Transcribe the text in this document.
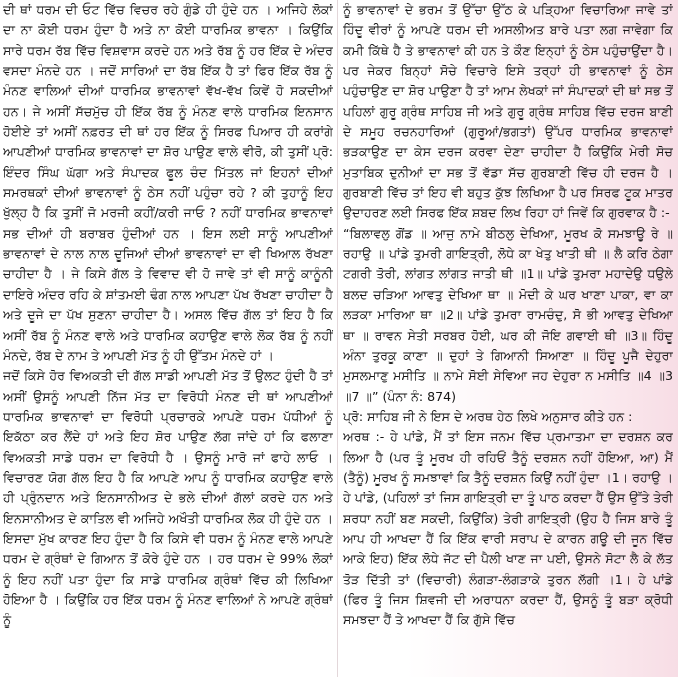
ਦੀ ਥਾਂ ਧਰਮ ਦੀ ਓਟ ਵਿੱਚ ਵਿਚਰ ਰਹੇ ਗੁੰਡੇ ਹੀ ਹੁੰਦੇ ਹਨ । ਅਜਿਹੇ ਲੋਕਾਂ ਦਾ ਨਾ ਕੋਈ ਧਰਮ ਹੁੰਦਾ ਹੈ ਅਤੇ ਨਾ ਕੋਈ ਧਾਰਮਿਕ ਭਾਵਨਾ । ਕਿਉਂਕਿ ਸਾਰੇ ਧਰਮ ਰੱਬ ਵਿੱਚ ਵਿਸ਼ਵਾਸ ਕਰਦੇ ਹਨ ਅਤੇ ਰੱਬ ਨੂੰ ਹਰ ਇੱਕ ਦੇ ਅੰਦਰ ਵਸਦਾ ਮੰਨਦੇ ਹਨ । ਜਦੋਂ ਸਾਰਿਆਂ ਦਾ ਰੱਬ ਇੱਕ ਹੈ ਤਾਂ ਫਿਰ ਇੱਕ ਰੱਬ ਨੂੰ ਮੰਨਣ ਵਾਲਿਆਂ ਦੀਆਂ ਧਾਰਮਿਕ ਭਾਵਨਾਵਾਂ ਵੱਖ-ਵੱਖ ਕਿਵੇਂ ਹੋ ਸਕਦੀਆਂ ਹਨ। ਜੇ ਅਸੀਂ ਸੱਚਮੁੱਚ ਹੀ ਇੱਕ ਰੱਬ ਨੂੰ ਮੰਨਣ ਵਾਲੇ ਧਾਰਮਿਕ ਇਨਸਾਨ ਹੋਈਏ ਤਾਂ ਅਸੀਂ ਨਫ਼ਰਤ ਦੀ ਥਾਂ ਹਰ ਇੱਕ ਨੂੰ ਸਿਰਫ ਪਿਆਰ ਹੀ ਕਰਾਂਗੇ ਆਪਣੀਆਂ ਧਾਰਮਿਕ ਭਾਵਨਾਵਾਂ ਦਾ ਸ਼ੋਰ ਪਾਉਣ ਵਾਲੇ ਵੀਰੋ, ਕੀ ਤੁਸੀਂ ਪ੍ਰੋ: ਇੰਦਰ ਸਿੰਘ ਘੱਗਾ ਅਤੇ ਸੰਪਾਦਕ ਫੂਲ ਚੰਦ ਮਿੱਤਲ ਜਾਂ ਇਹਨਾਂ ਦੀਆਂ ਸਮਰਥਕਾਂ ਦੀਆਂ ਭਾਵਨਾਵਾਂ ਨੂੰ ਠੇਸ ਨਹੀਂ ਪਹੁੰਚਾ ਰਹੇ ? ਕੀ ਤੁਹਾਨੂੰ ਇਹ ਖੁੱਲ੍ਹ ਹੈ ਕਿ ਤੁਸੀਂ ਜੋ ਮਰਜੀ ਕਹੀਂ/ਕਰੀ ਜਾਓ ? ਨਹੀਂ ਧਾਰਮਿਕ ਭਾਵਨਾਵਾਂ ਸਭ ਦੀਆਂ ਹੀ ਬਰਾਬਰ ਹੁੰਦੀਆਂ ਹਨ । ਇਸ ਲਈ ਸਾਨੂੰ ਆਪਣੀਆਂ ਭਾਵਨਾਵਾਂ ਦੇ ਨਾਲ ਨਾਲ ਦੂਜਿਆਂ ਦੀਆਂ ਭਾਵਨਾਵਾਂ ਦਾ ਵੀ ਖਿਆਲ ਰੱਖਣਾ ਚਾਹੀਦਾ ਹੈ । ਜੇ ਕਿਸੇ ਗੱਲ ਤੇ ਵਿਵਾਦ ਵੀ ਹੋ ਜਾਵੇ ਤਾਂ ਵੀ ਸਾਨੂੰ ਕਾਨੂੰਨੀ ਦਾਇਰੇ ਅੰਦਰ ਰਹਿ ਕੇ ਸ਼ਾਂਤਮਈ ਢੰਗ ਨਾਲ ਆਪਣਾ ਪੱਖ ਰੱਖਣਾ ਚਾਹੀਦਾ ਹੈ ਅਤੇ ਦੂਜੇ ਦਾ ਪੱਖ ਸੁਣਨਾ ਚਾਹੀਦਾ ਹੈ। ਅਸਲ ਵਿੱਚ ਗੱਲ ਤਾਂ ਇਹ ਹੈ ਕਿ ਅਸੀਂ ਰੱਬ ਨੂੰ ਮੰਨਣ ਵਾਲੇ ਅਤੇ ਧਾਰਮਿਕ ਕਹਾਉਣ ਵਾਲੇ ਲੋਕ ਰੱਬ ਨੂੰ ਨਹੀਂ ਮੰਨਦੇ, ਰੱਬ ਦੇ ਨਾਮ ਤੇ ਆਪਣੀ ਮੱਤ ਨੂੰ ਹੀ ਉੱਤਮ ਮੰਨਦੇ ਹਾਂ ।

ਜਦੋਂ ਕਿਸੇ ਹੋਰ ਵਿਅਕਤੀ ਦੀ ਗੱਲ ਸਾਡੀ ਆਪਣੀ ਮੱਤ ਤੋਂ ਉਲਟ ਹੁੰਦੀ ਹੈ ਤਾਂ ਅਸੀਂ ਉਸਨੂੰ ਆਪਣੀ ਨਿੱਜ ਮੱਤ ਦਾ ਵਿਰੋਧੀ ਮੰਨਣ ਦੀ ਥਾਂ ਆਪਣੀਆਂ ਧਾਰਮਿਕ ਭਾਵਨਾਵਾਂ ਦਾ ਵਿਰੋਧੀ ਪ੍ਰਚਾਰਕੇ ਆਪਣੇ ਧਰਮ ਪੱਧੀਆਂ ਨੂੰ ਇਕੱਠਾ ਕਰ ਲੈਂਦੇ ਹਾਂ ਅਤੇ ਇਹ ਸ਼ੋਰ ਪਾਉਣ ਲੱਗ ਜਾਂਦੇ ਹਾਂ ਕਿ ਫਲਾਣਾ ਵਿਅਕਤੀ ਸਾਡੇ ਧਰਮ ਦਾ ਵਿਰੋਧੀ ਹੈ । ਉਸਨੂੰ ਮਾਰੋ ਜਾਂ ਫਾਹੇ ਲਾਓ । ਵਿਚਾਰਣ ਯੋਗ ਗੱਲ ਇਹ ਹੈ ਕਿ ਆਪਣੇ ਆਪ ਨੂੰ ਧਾਰਮਿਕ ਕਹਾਉਣ ਵਾਲੇ ਹੀ ਪ੍ਰੁੰਨਦਾਨ ਅਤੇ ਇਨਸਾਨੀਅਤ ਦੇ ਭਲੇ ਦੀਆਂ ਗੱਲਾਂ ਕਰਦੇ ਹਨ ਅਤੇ ਇਨਸਾਨੀਅਤ ਦੇ ਕਾਤਿਲ ਵੀ ਅਜਿਹੇ ਅਖੌਤੀ ਧਾਰਮਿਕ ਲੋਕ ਹੀ ਹੁੰਦੇ ਹਨ । ਇਸਦਾ ਮੁੱਖ ਕਾਰਣ ਇਹ ਹੁੰਦਾ ਹੈ ਕਿ ਕਿਸੇ ਵੀ ਧਰਮ ਨੂੰ ਮੰਨਣ ਵਾਲੇ ਆਪਣੇ ਧਰਮ ਦੇ ਗ੍ਰੰਥਾਂ ਦੇ ਗਿਆਨ ਤੋਂ ਕੋਰੇ ਹੁੰਦੇ ਹਨ । ਹਰ ਧਰਮ ਦੇ 99% ਲੋਕਾਂ ਨੂੰ ਇਹ ਨਹੀਂ ਪਤਾ ਹੁੰਦਾ ਕਿ ਸਾਡੇ ਧਾਰਮਿਕ ਗ੍ਰੰਥਾਂ ਵਿੱਚ ਕੀ ਲਿਖਿਆ ਹੋਇਆ ਹੈ । ਕਿਉਂਕਿ ਹਰ ਇੱਕ ਧਰਮ ਨੂੰ ਮੰਨਣ ਵਾਲਿਆਂ ਨੇ ਆਪਣੇ ਗ੍ਰੰਥਾਂ ਨੂੰ

ਨੂੰ ਭਾਵਨਾਵਾਂ ਦੇ ਭਰਮ ਤੋਂ ਉੱਚਾ ਉੱਠ ਕੇ ਪੜ੍ਹਿਆ ਵਿਚਾਰਿਆ ਜਾਵੇ ਤਾਂ ਹਿੰਦੂ ਵੀਰਾਂ ਨੂੰ ਆਪਣੇ ਧਰਮ ਦੀ ਅਸਲੀਅਤ ਬਾਰੇ ਪਤਾ ਲਗ ਜਾਵੇਗਾ ਕਿ ਕਮੀ ਕਿੱਥੇ ਹੈ ਤੇ ਭਾਵਨਾਵਾਂ ਕੀ ਹਨ ਤੇ ਕੌਣ ਇਨ੍ਹਾਂ ਨੂੰ ਠੇਸ ਪਹੁੰਚਾਉਂਦਾ ਹੈ। ਪਰ ਜੇਕਰ ਬਿਨ੍ਹਾਂ ਸੋਚੇ ਵਿਚਾਰੇ ਇਸੇ ਤਰ੍ਹਾਂ ਹੀ ਭਾਵਨਾਵਾਂ ਨੂੰ ਠੇਸ ਪਹੁੰਚਾਉਣ ਦਾ ਸ਼ੋਰ ਪਾਉਣਾ ਹੈ ਤਾਂ ਆਮ ਲੇਖਕਾਂ ਜਾਂ ਸੰਪਾਦਕਾਂ ਦੀ ਥਾਂ ਸਭ ਤੋਂ ਪਹਿਲਾਂ ਗੁਰੂ ਗ੍ਰੰਥ ਸਾਹਿਬ ਜੀ ਅਤੇ ਗੁਰੂ ਗ੍ਰੰਥ ਸਾਹਿਬ ਵਿੱਚ ਦਰਜ ਬਾਣੀ ਦੇ ਸਮੂਹ ਰਚਨਹਾਰਿਆਂ (ਗੁਰੂਆਂ/ਭਗਤਾਂ) ਉੱਪਰ ਧਾਰਮਿਕ ਭਾਵਨਾਵਾਂ ਭੜਕਾਉਣ ਦਾ ਕੇਸ ਦਰਜ ਕਰਵਾ ਦੇਣਾ ਚਾਹੀਦਾ ਹੈ ਕਿਉਂਕਿ ਮੇਰੀ ਸੋਚ ਮੁਤਾਬਿਕ ਦੁਨੀਆਂ ਦਾ ਸਭ ਤੋਂ ਵੱਡਾ ਸੱਚ ਗੁਰਬਾਣੀ ਵਿੱਚ ਹੀ ਦਰਜ ਹੈ । ਗੁਰਬਾਣੀ ਵਿੱਚ ਤਾਂ ਇਹ ਵੀ ਬਹੁਤ ਕੁੱਝ ਲਿਖਿਆ ਹੈ ਪਰ ਸਿਰਫ ਟੂਕ ਮਾਤਰ ਉਦਾਹਰਣ ਲਈ ਸਿਰਫ ਇੱਕ ਸ਼ਬਦ ਲਿਖ ਰਿਹਾ ਹਾਂ ਜਿਵੇਂ ਕਿ ਗੁਰਵਾਕ ਹੈ :-

“ਬਿਲਾਵਲੁ ਗੋਂਡ ॥ ਆਜੁ ਨਾਮੇ ਬੀਠਲੁ ਦੇਖਿਆ, ਮੂਰਖ ਕੋ ਸਮਝਾਊ ਰੇ ॥ ਰਹਾਉ ॥ ਪਾਂਡੇ ਤੁਮਰੀ ਗਾਇਤ੍ਰੀ, ਲੋਧੇ ਕਾ ਖੇਤੁ ਖਾਤੀ ਥੀ ॥ ਲੈ ਕਰਿ ਠੇਗਾ ਟਗਰੀ ਤੋਰੀ, ਲਾਂਗਤ ਲਾਂਗਤ ਜਾਤੀ ਥੀ ॥1॥ ਪਾਂਡੇ ਤੁਮਰਾ ਮਹਾਦੇਉ ਧਉਲੇ ਬਲਦ ਚੜਿਆ ਆਵਤੁ ਦੇਖਿਆ ਥਾ ॥ ਮੋਦੀ ਕੇ ਘਰ ਖਾਣਾ ਪਾਕਾ, ਵਾ ਕਾ ਲੜਕਾ ਮਾਰਿਆ ਥਾ ॥2॥ ਪਾਂਡੇ ਤੁਮਰਾ ਰਾਮਚੰਦੁ, ਸੋ ਭੀ ਆਵਤੁ ਦੇਖਿਆ ਥਾ ॥ ਰਾਵਨ ਸੇਤੀ ਸਰਬਰ ਹੋਈ, ਘਰ ਕੀ ਜੋਇ ਗਵਾਈ ਥੀ ॥3॥ ਹਿੰਦੂ ਅੰਨਾ ਤੁਰਕੂ ਕਾਣਾ ॥ ਦੁਹਾਂ ਤੇ ਗਿਆਨੀ ਸਿਆਣਾ ॥ ਹਿੰਦੂ ਪੂਜੈ ਦੇਹੁਰਾ ਮੁਸਲਮਾਣੁ ਮਸੀਤਿ ॥ ਨਾਮੇ ਸੋਈ ਸੇਵਿਆ ਜਹ ਦੇਹੁਰਾ ਨ ਮਸੀਤਿ ॥4 ॥3 ॥7 ॥” (ਪੰਨਾ ਨੰ: 874)

ਪ੍ਰੋ: ਸਾਹਿਬ ਜੀ ਨੇ ਇਸ ਦੇ ਅਰਥ ਹੇਠ ਲਿਖੇ ਅਨੁਸਾਰ ਕੀਤੇ ਹਨ :

ਅਰਥ :- ਹੇ ਪਾਂਡੇ, ਮੈਂ ਤਾਂ ਇਸ ਜਨਮ ਵਿੱਚ ਪ੍ਰਮਾਤਮਾ ਦਾ ਦਰਸ਼ਨ ਕਰ ਲਿਆ ਹੈ (ਪਰ ਤੂੰ ਮੂਰਖ ਹੀ ਰਹਿਓਂ ਤੈਨੂੰ ਦਰਸ਼ਨ ਨਹੀਂ ਹੋਇਆ, ਆ) ਮੈਂ (ਤੈਨੂੰ) ਮੂਰਖ ਨੂੰ ਸਮਝਾਵਾਂ ਕਿ ਤੈਨੂੰ ਦਰਸ਼ਨ ਕਿਉਂ ਨਹੀਂ ਹੁੰਦਾ ।1। ਰਹਾਉ । ਹੇ ਪਾਂਡੇ, (ਪਹਿਲਾਂ ਤਾਂ ਜਿਸ ਗਾਇਤ੍ਰੀ ਦਾ ਤੂੰ ਪਾਠ ਕਰਦਾ ਹੈਂ ਉਸ ਉੱਤੇ ਤੇਰੀ ਸ਼ਰਧਾ ਨਹੀਂ ਬਣ ਸਕਦੀ, ਕਿਉਂਕਿ) ਤੇਰੀ ਗਾਇਤ੍ਰੀ (ਉਹ ਹੈ ਜਿਸ ਬਾਰੇ ਤੂੰ ਆਪ ਹੀ ਆਖਦਾ ਹੈਂ ਕਿ ਇੱਕ ਵਾਰੀ ਸਰਾਪ ਦੇ ਕਾਰਨ ਗਊ ਦੀ ਜੂਨ ਵਿੱਚ ਆਕੇ ਇਹ) ਇੱਕ ਲੋਧੇ ਜੱਟ ਦੀ ਪੈਲੀ ਖਾਣ ਜਾ ਪਈ, ਉਸਨੇ ਸੋਟਾ ਲੈ ਕੇ ਲੱਤ ਤੋੜ ਦਿੱਤੀ ਤਾਂ (ਵਿਚਾਰੀ) ਲੰਗੜਾ-ਲੰਗੜਾਕੇ ਤੁਰਨ ਲੱਗੀ ।1। ਹੇ ਪਾਂਡੇ (ਫਿਰ ਤੂੰ ਜਿਸ ਸ਼ਿਵਜੀ ਦੀ ਅਰਾਧਨਾ ਕਰਦਾ ਹੈਂ, ਉਸਨੂੰ ਤੂੰ ਬੜਾ ਕ੍ਰੋਧੀ ਸਮਝਦਾ ਹੈਂ ਤੇ ਆਖਦਾ ਹੈਂ ਕਿ ਗੁੱਸੇ ਵਿੱਚ
